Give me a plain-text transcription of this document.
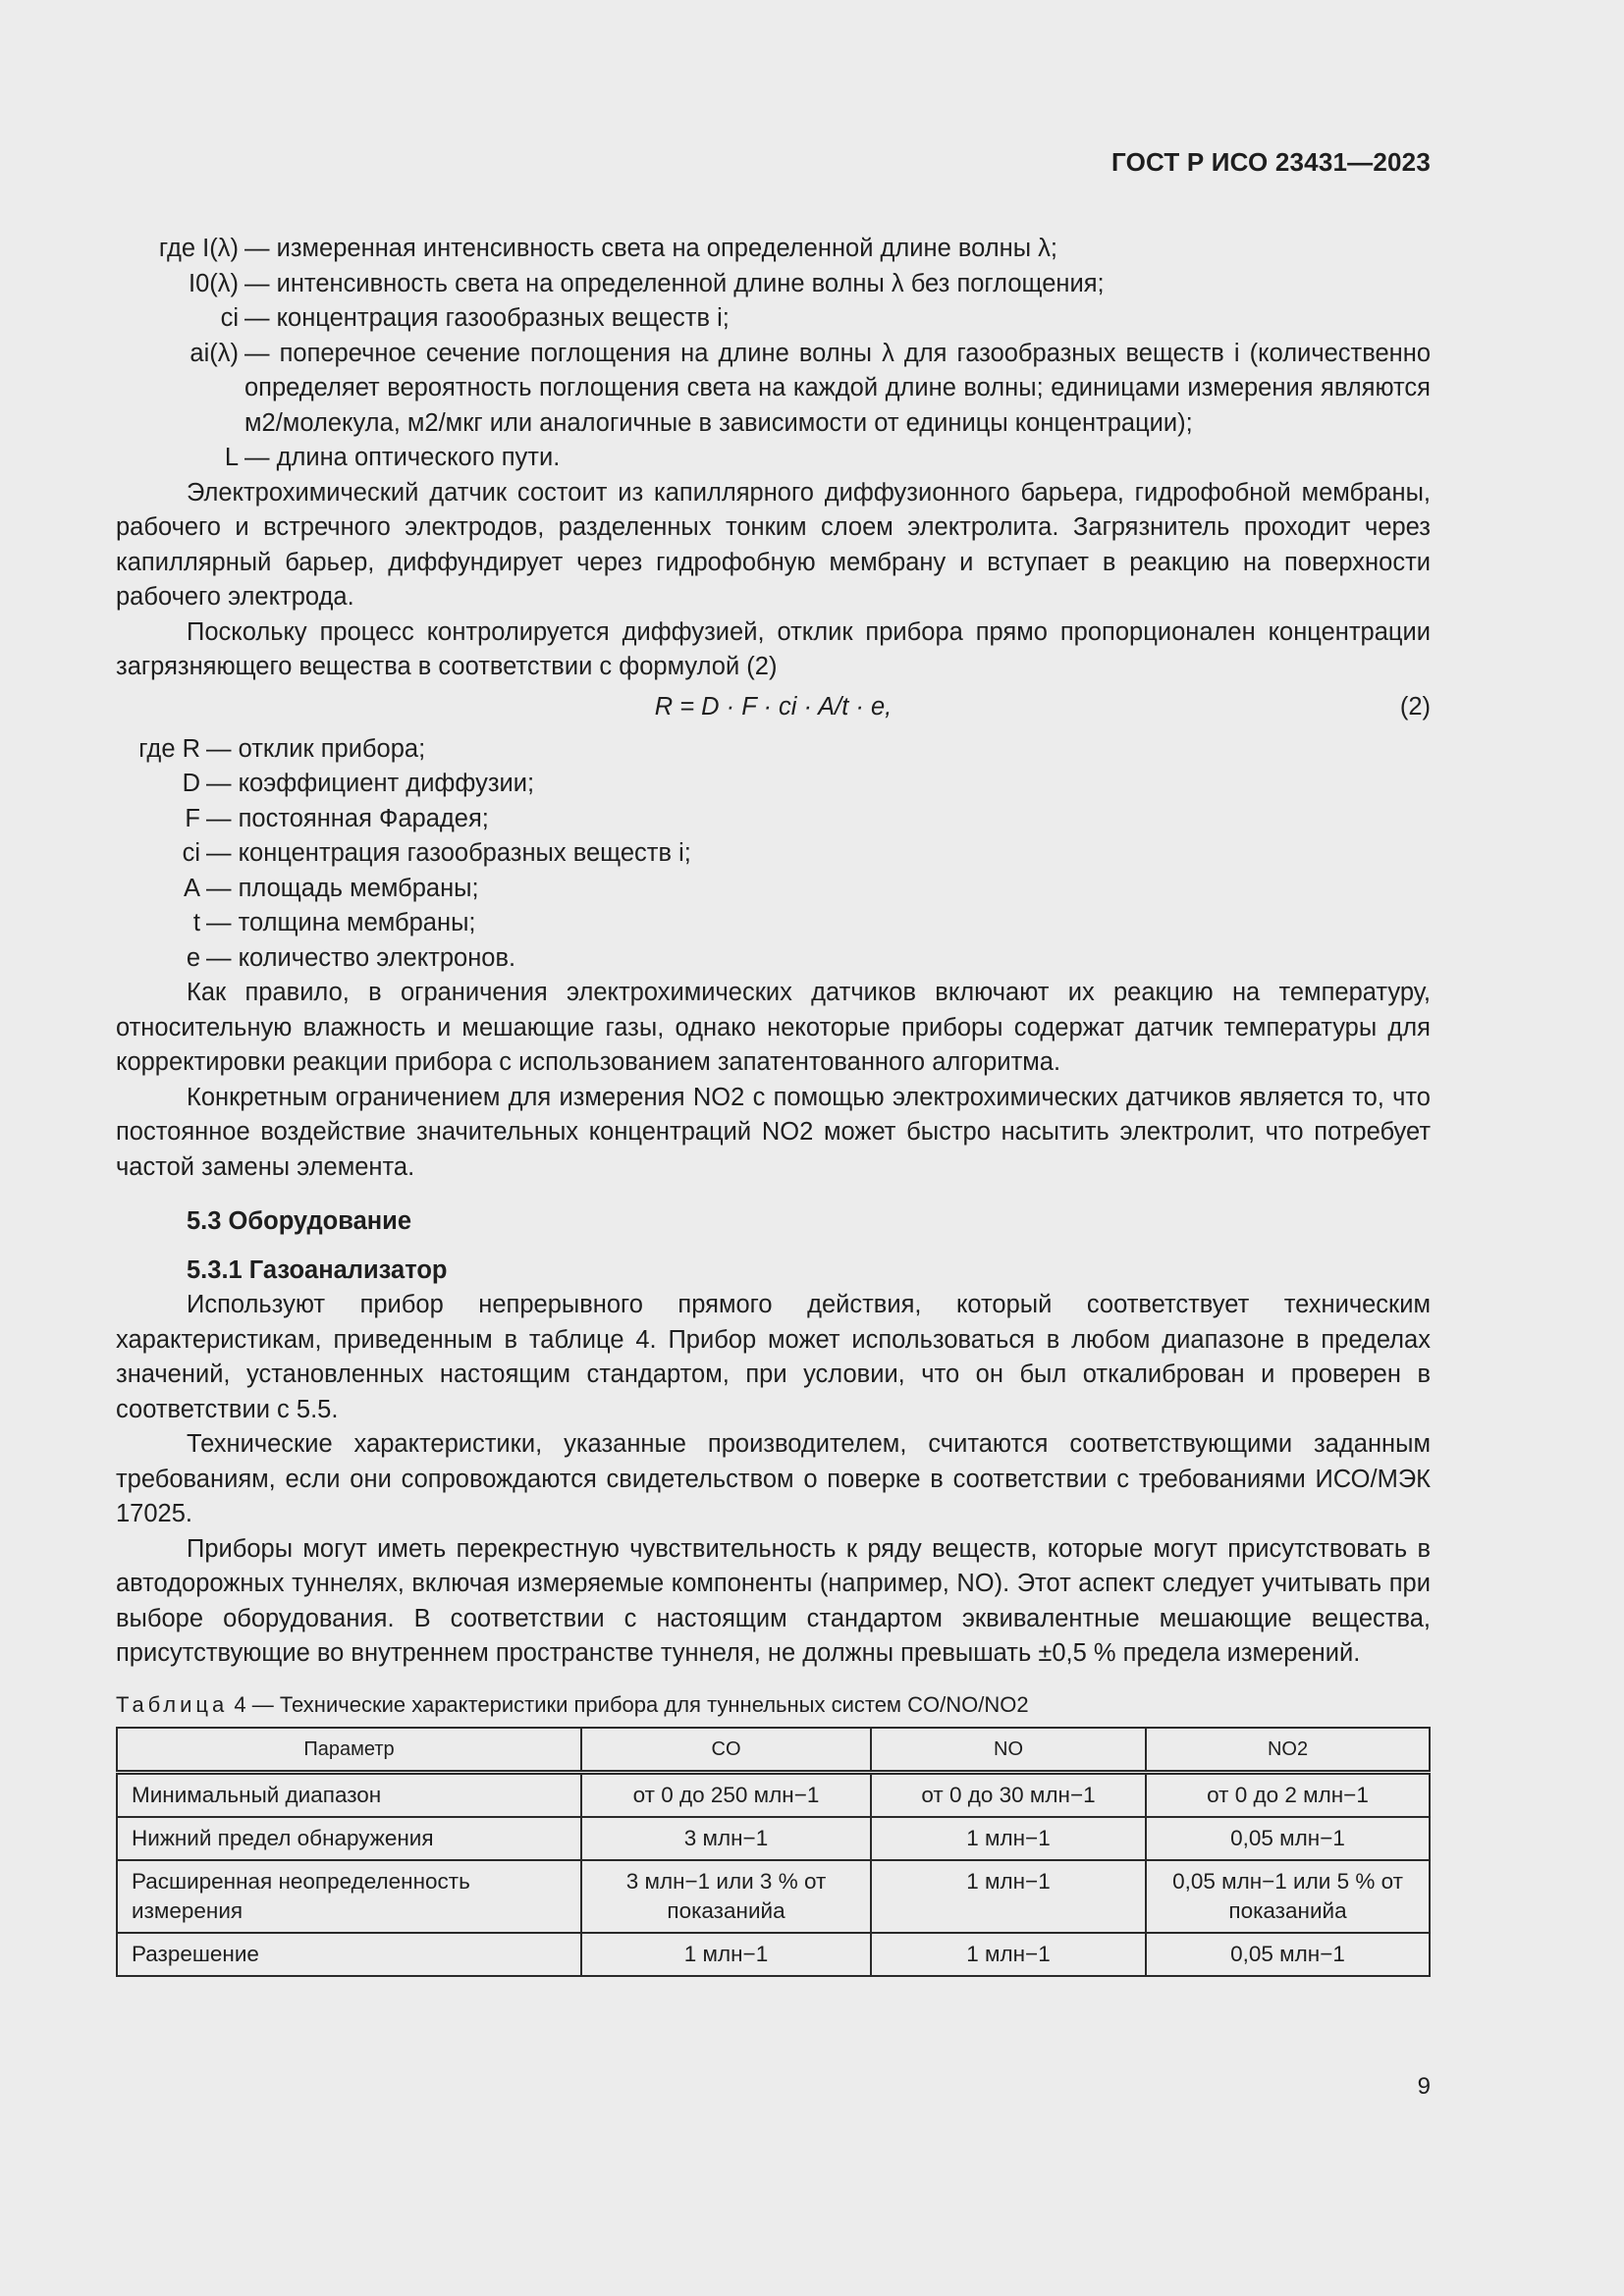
ГОСТ Р ИСО 23431—2023
где I(λ) — измеренная интенсивность света на определенной длине волны λ;
I0(λ) — интенсивность света на определенной длине волны λ без поглощения;
ci — концентрация газообразных веществ i;
ai(λ) — поперечное сечение поглощения на длине волны λ для газообразных веществ i (количественно определяет вероятность поглощения света на каждой длине волны; единицами измерения являются м2/молекула, м2/мкг или аналогичные в зависимости от единицы концентрации);
L — длина оптического пути.

Электрохимический датчик состоит из капиллярного диффузионного барьера, гидрофобной мембраны, рабочего и встречного электродов, разделенных тонким слоем электролита. Загрязнитель проходит через капиллярный барьер, диффундирует через гидрофобную мембрану и вступает в реакцию на поверхности рабочего электрода.

Поскольку процесс контролируется диффузией, отклик прибора прямо пропорционален концентрации загрязняющего вещества в соответствии с формулой (2)

R = D · F · ci · A/t · e,	(2)
где R — отклик прибора;
D — коэффициент диффузии;
F — постоянная Фарадея;
ci — концентрация газообразных веществ i;
A — площадь мембраны;
t — толщина мембраны;
e — количество электронов.

Как правило, в ограничения электрохимических датчиков включают их реакцию на температуру, относительную влажность и мешающие газы, однако некоторые приборы содержат датчик температуры для корректировки реакции прибора с использованием запатентованного алгоритма.

Конкретным ограничением для измерения NO2 с помощью электрохимических датчиков является то, что постоянное воздействие значительных концентраций NO2 может быстро насытить электролит, что потребует частой замены элемента.

5.3 Оборудование
5.3.1 Газоанализатор

Используют прибор непрерывного прямого действия, который соответствует техническим характеристикам, приведенным в таблице 4. Прибор может использоваться в любом диапазоне в пределах значений, установленных настоящим стандартом, при условии, что он был откалиброван и проверен в соответствии с 5.5.

Технические характеристики, указанные производителем, считаются соответствующими заданным требованиям, если они сопровождаются свидетельством о поверке в соответствии с требованиями ИСО/МЭК 17025.

Приборы могут иметь перекрестную чувствительность к ряду веществ, которые могут присутствовать в автодорожных туннелях, включая измеряемые компоненты (например, NO). Этот аспект следует учитывать при выборе оборудования. В соответствии с настоящим стандартом эквивалентные мешающие вещества, присутствующие во внутреннем пространстве туннеля, не должны превышать ±0,5 % предела измерений.

Таблица 4 — Технические характеристики прибора для туннельных систем CO/NO/NO2
Параметр	CO	NO	NO2
Минимальный диапазон	от 0 до 250 млн−1	от 0 до 30 млн−1	от 0 до 2 млн−1
Нижний предел обнаружения	3 млн−1	1 млн−1	0,05 млн−1
Расширенная неопределенность измерения	3 млн−1 или 3 % от показанийa	1 млн−1	0,05 млн−1 или 5 % от показанийa
Разрешение	1 млн−1	1 млн−1	0,05 млн−1
9
